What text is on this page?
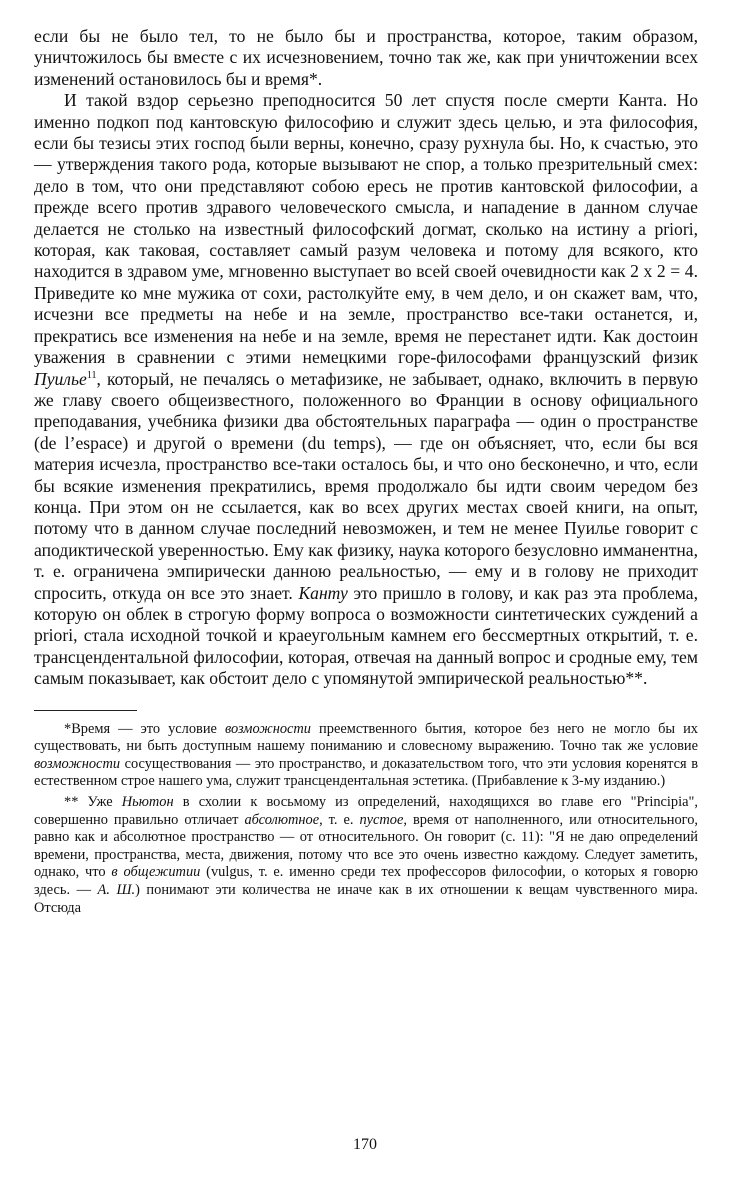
если бы не было тел, то не было бы и пространства, которое, таким образом, уничтожилось бы вместе с их исчезновением, точно так же, как при уничтожении всех изменений остановилось бы и время*.

И такой вздор серьезно преподносится 50 лет спустя после смерти Канта. Но именно подкоп под кантовскую философию и служит здесь целью, и эта философия, если бы тезисы этих господ были верны, конечно, сразу рухнула бы. Но, к счастью, это — утверждения такого рода, которые вызывают не спор, а только презрительный смех: дело в том, что они представляют собою ересь не против кантовской философии, а прежде всего против здравого человеческого смысла, и нападение в данном случае делается не столько на известный философский догмат, сколько на истину a priori, которая, как таковая, составляет самый разум человека и потому для всякого, кто находится в здравом уме, мгновенно выступает во всей своей очевидности как 2 х 2 = 4. Приведите ко мне мужика от сохи, растолкуйте ему, в чем дело, и он скажет вам, что, исчезни все предметы на небе и на земле, пространство все-таки останется, и, прекратись все изменения на небе и на земле, время не перестанет идти. Как достоин уважения в сравнении с этими немецкими горе-философами французский физик Пуилье$^{11}$, который, не печалясь о метафизике, не забывает, однако, включить в первую же главу своего общеизвестного, положенного во Франции в основу официального преподавания, учебника физики два обстоятельных параграфа — один о пространстве (de l’espace) и другой о времени (du temps), — где он объясняет, что, если бы вся материя исчезла, пространство все-таки осталось бы, и что оно бесконечно, и что, если бы всякие изменения прекратились, время продолжало бы идти своим чередом без конца. При этом он не ссылается, как во всех других местах своей книги, на опыт, потому что в данном случае последний невозможен, и тем не менее Пуилье говорит с аподиктической уверенностью. Ему как физику, наука которого безусловно имманентна, т. е. ограничена эмпирически данною реальностью, — ему и в голову не приходит спросить, откуда он все это знает. Канту это пришло в голову, и как раз эта проблема, которую он облек в строгую форму вопроса о возможности синтетических суждений a priori, стала исходной точкой и краеугольным камнем его бессмертных открытий, т. е. трансцендентальной философии, которая, отвечая на данный вопрос и сродные ему, тем самым показывает, как обстоит дело с упомянутой эмпирической реальностью**.

*Время — это условие возможности преемственного бытия, которое без него не могло бы их существовать, ни быть доступным нашему пониманию и словесному выражению. Точно так же условие возможности сосуществования — это пространство, и доказательством того, что эти условия коренятся в естественном строе нашего ума, служит трансцендентальная эстетика. (Прибавление к 3-му изданию.)

** Уже Ньютон в схолии к восьмому из определений, находящихся во главе его "Principia", совершенно правильно отличает абсолютное, т. е. пустое, время от наполненного, или относительного, равно как и абсолютное пространство — от относительного. Он говорит (с. 11): "Я не даю определений времени, пространства, места, движения, потому что все это очень известно каждому. Следует заметить, однако, что в общежитии (vulgus, т. е. именно среди тех профессоров философии, о которых я говорю здесь. — А. Ш.) понимают эти количества не иначе как в их отношении к вещам чувственного мира. Отсюда

170
